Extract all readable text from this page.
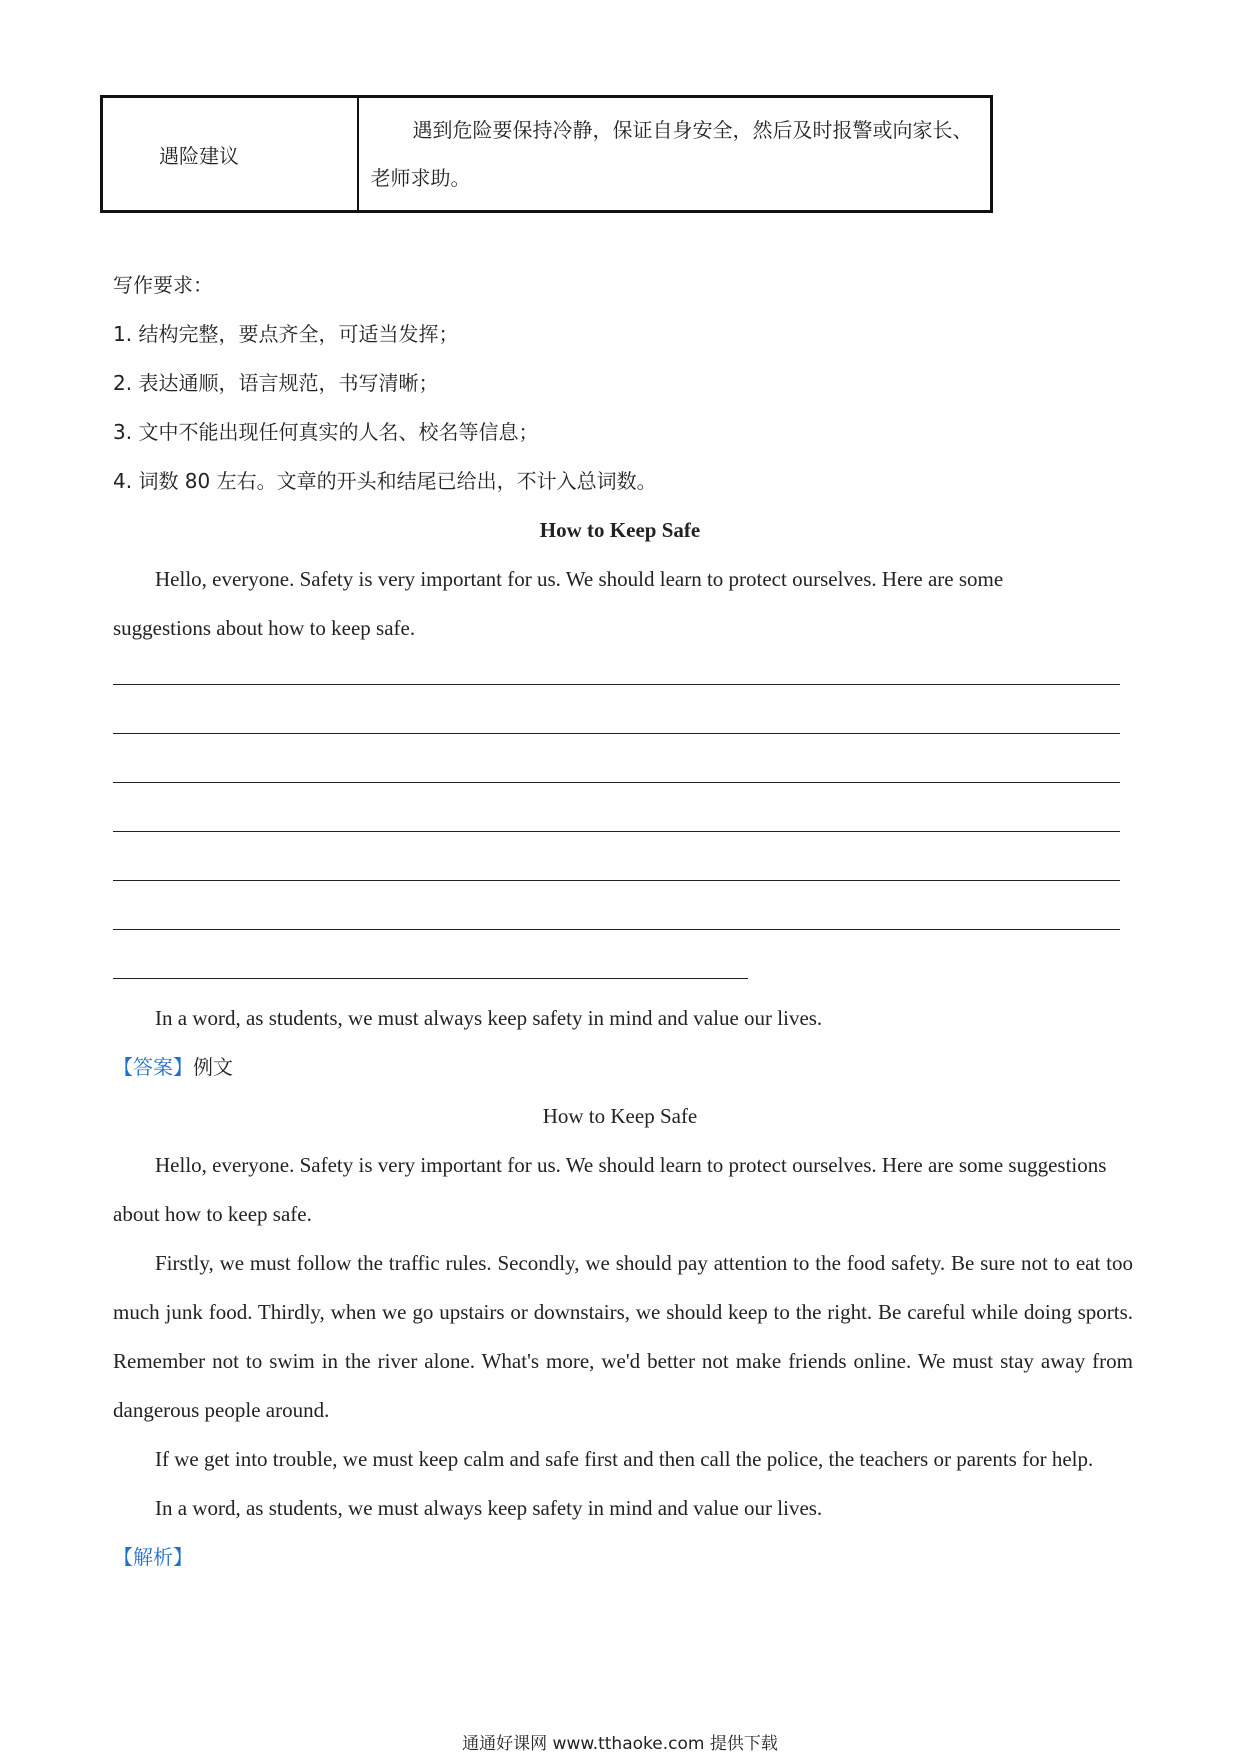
遇险建议	遇到危险要保持冷静，保证自身安全，然后及时报警或向家长、老师求助。
写作要求：
1. 结构完整，要点齐全，可适当发挥；
2. 表达通顺，语言规范，书写清晰；
3. 文中不能出现任何真实的人名、校名等信息；
4. 词数 80 左右。文章的开头和结尾已给出，不计入总词数。
How to Keep Safe
Hello, everyone. Safety is very important for us. We should learn to protect ourselves. Here are some
suggestions about how to keep safe.
In a word, as students, we must always keep safety in mind and value our lives.
【答案】例文
How to Keep Safe
Hello, everyone. Safety is very important for us. We should learn to protect ourselves. Here are some suggestions about how to keep safe.
Firstly, we must follow the traffic rules. Secondly, we should pay attention to the food safety. Be sure not to eat too much junk food. Thirdly, when we go upstairs or downstairs, we should keep to the right. Be careful while doing sports. Remember not to swim in the river alone. What's more, we'd better not make friends online. We must stay away from dangerous people around.
If we get into trouble, we must keep calm and safe first and then call the police, the teachers or parents for help.
In a word, as students, we must always keep safety in mind and value our lives.
【解析】
通通好课网 www.tthaoke.com 提供下载
